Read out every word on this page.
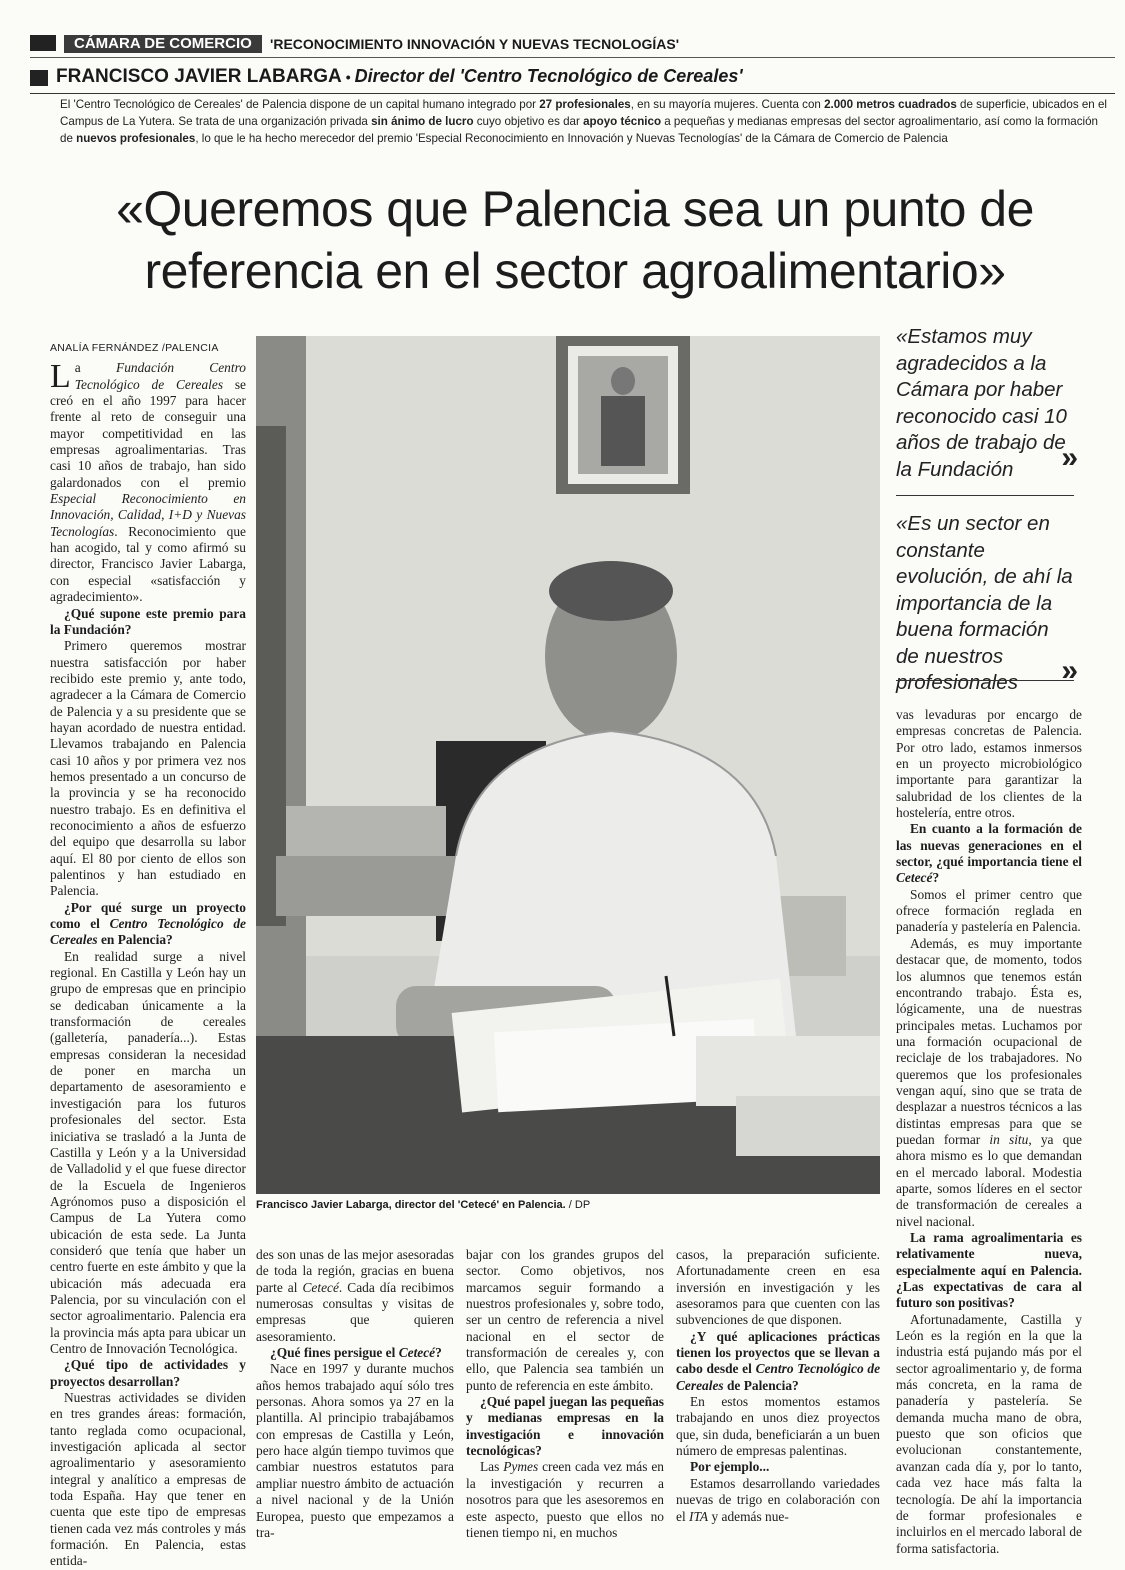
CÁMARA DE COMERCIO	'RECONOCIMIENTO INNOVACIÓN Y NUEVAS TECNOLOGÍAS'
FRANCISCO JAVIER LABARGA • Director del 'Centro Tecnológico de Cereales'
El 'Centro Tecnológico de Cereales' de Palencia dispone de un capital humano integrado por 27 profesionales, en su mayoría mujeres. Cuenta con 2.000 metros cuadrados de superficie, ubicados en el Campus de La Yutera. Se trata de una organización privada sin ánimo de lucro cuyo objetivo es dar apoyo técnico a pequeñas y medianas empresas del sector agroalimentario, así como la formación de nuevos profesionales, lo que le ha hecho merecedor del premio 'Especial Reconocimiento en Innovación y Nuevas Tecnologías' de la Cámara de Comercio de Palencia
«Queremos que Palencia sea un punto de
referencia en el sector agroalimentario»
ANALÍA FERNÁNDEZ /PALENCIA

La Fundación Centro Tecnológico de Cereales se creó en el año 1997 para hacer frente al reto de conseguir una mayor competitividad en las empresas agroalimentarias. Tras casi 10 años de trabajo, han sido galardonados con el premio Especial Reconocimiento en Innovación, Calidad, I+D y Nuevas Tecnologías. Reconocimiento que han acogido, tal y como afirmó su director, Francisco Javier Labarga, con especial «satisfacción y agradecimiento».

¿Qué supone este premio para la Fundación?

Primero queremos mostrar nuestra satisfacción por haber recibido este premio y, ante todo, agradecer a la Cámara de Comercio de Palencia y a su presidente que se hayan acordado de nuestra entidad. Llevamos trabajando en Palencia casi 10 años y por primera vez nos hemos presentado a un concurso de la provincia y se ha reconocido nuestro trabajo. Es en definitiva el reconocimiento a años de esfuerzo del equipo que desarrolla su labor aquí. El 80 por ciento de ellos son palentinos y han estudiado en Palencia.

¿Por qué surge un proyecto como el Centro Tecnológico de Cereales en Palencia?

En realidad surge a nivel regional. En Castilla y León hay un grupo de empresas que en principio se dedicaban únicamente a la transformación de cereales (galletería, panadería...). Estas empresas consideran la necesidad de poner en marcha un departamento de asesoramiento e investigación para los futuros profesionales del sector. Esta iniciativa se trasladó a la Junta de Castilla y León y a la Universidad de Valladolid y el que fuese director de la Escuela de Ingenieros Agrónomos puso a disposición el Campus de La Yutera como ubicación de esta sede. La Junta consideró que tenía que haber un centro fuerte en este ámbito y que la ubicación más adecuada era Palencia, por su vinculación con el sector agroalimentario. Palencia era la provincia más apta para ubicar un Centro de Innovación Tecnológica.

¿Qué tipo de actividades y proyectos desarrollan?

Nuestras actividades se dividen en tres grandes áreas: formación, tanto reglada como ocupacional, investigación aplicada al sector agroalimentario y asesoramiento integral y analítico a empresas de toda España. Hay que tener en cuenta que este tipo de empresas tienen cada vez más controles y más formación. En Palencia, estas entida-

Francisco Javier Labarga, director del 'Cetecé' en Palencia. / DP
«Estamos muy agradecidos a la Cámara por haber reconocido casi 10 años de trabajo de la Fundación »
«Es un sector en constante evolución, de ahí la importancia de la buena formación de nuestros profesionales »

vas levaduras por encargo de empresas concretas de Palencia. Por otro lado, estamos inmersos en un proyecto microbiológico importante para garantizar la salubridad de los clientes de la hostelería, entre otros.

En cuanto a la formación de las nuevas generaciones en el sector, ¿qué importancia tiene el Cetecé?

Somos el primer centro que ofrece formación reglada en panadería y pastelería en Palencia.

Además, es muy importante destacar que, de momento, todos los alumnos que tenemos están encontrando trabajo. Ésta es, lógicamente, una de nuestras principales metas. Luchamos por una formación ocupacional de reciclaje de los trabajadores. No queremos que los profesionales vengan aquí, sino que se trata de desplazar a nuestros técnicos a las distintas empresas para que se puedan formar in situ, ya que ahora mismo es lo que demandan en el mercado laboral. Modestia aparte, somos líderes en el sector de transformación de cereales a nivel nacional.

La rama agroalimentaria es relativamente nueva, especialmente aquí en Palencia. ¿Las expectativas de cara al futuro son positivas?

Afortunadamente, Castilla y León es la región en la que la industria está pujando más por el sector agroalimentario y, de forma más concreta, en la rama de panadería y pastelería. Se demanda mucha mano de obra, puesto que son oficios que evolucionan constantemente, avanzan cada día y, por lo tanto, cada vez hace más falta la tecnología. De ahí la importancia de formar profesionales e incluirlos en el mercado laboral de forma satisfactoria.

des son unas de las mejor asesoradas de toda la región, gracias en buena parte al Cetecé. Cada día recibimos numerosas consultas y visitas de empresas que quieren asesoramiento.

¿Qué fines persigue el Cetecé?

Nace en 1997 y durante muchos años hemos trabajado aquí sólo tres personas. Ahora somos ya 27 en la plantilla. Al principio trabajábamos con empresas de Castilla y León, pero hace algún tiempo tuvimos que cambiar nuestros estatutos para ampliar nuestro ámbito de actuación a nivel nacional y de la Unión Europea, puesto que empezamos a tra-

bajar con los grandes grupos del sector. Como objetivos, nos marcamos seguir formando a nuestros profesionales y, sobre todo, ser un centro de referencia a nivel nacional en el sector de transformación de cereales y, con ello, que Palencia sea también un punto de referencia en este ámbito.

¿Qué papel juegan las pequeñas y medianas empresas en la investigación e innovación tecnológicas?

Las Pymes creen cada vez más en la investigación y recurren a nosotros para que les asesoremos en este aspecto, puesto que ellos no tienen tiempo ni, en muchos

casos, la preparación suficiente. Afortunadamente creen en esa inversión en investigación y les asesoramos para que cuenten con las subvenciones de que disponen.

¿Y qué aplicaciones prácticas tienen los proyectos que se llevan a cabo desde el Centro Tecnológico de Cereales de Palencia?

En estos momentos estamos trabajando en unos diez proyectos que, sin duda, beneficiarán a un buen número de empresas palentinas.

Por ejemplo...

Estamos desarrollando variedades nuevas de trigo en colaboración con el ITA y además nue-
